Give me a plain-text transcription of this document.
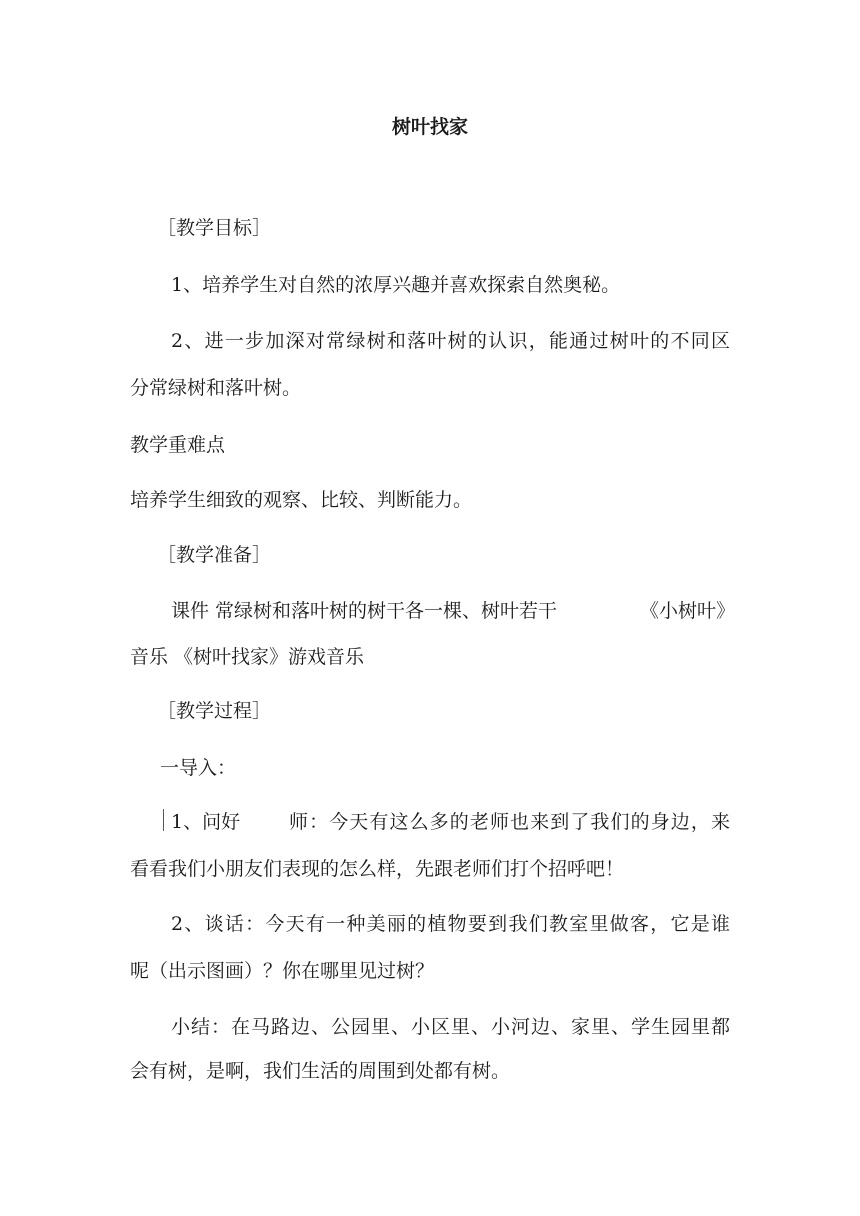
树叶找家
［教学目标］
1、培养学生对自然的浓厚兴趣并喜欢探索自然奥秘。
2、进一步加深对常绿树和落叶树的认识，能通过树叶的不同区
分常绿树和落叶树。
教学重难点
培养学生细致的观察、比较、判断能力。
［教学准备］
课件 常绿树和落叶树的树干各一棵、树叶若干	《小树叶》
音乐 《树叶找家》游戏音乐
［教学过程］
一导入：
1、问好	师：今天有这么多的老师也来到了我们的身边，来
看看我们小朋友们表现的怎么样，先跟老师们打个招呼吧！
2、谈话：今天有一种美丽的植物要到我们教室里做客，它是谁
呢（出示图画）？你在哪里见过树？
小结：在马路边、公园里、小区里、小河边、家里、学生园里都
会有树，是啊，我们生活的周围到处都有树。
